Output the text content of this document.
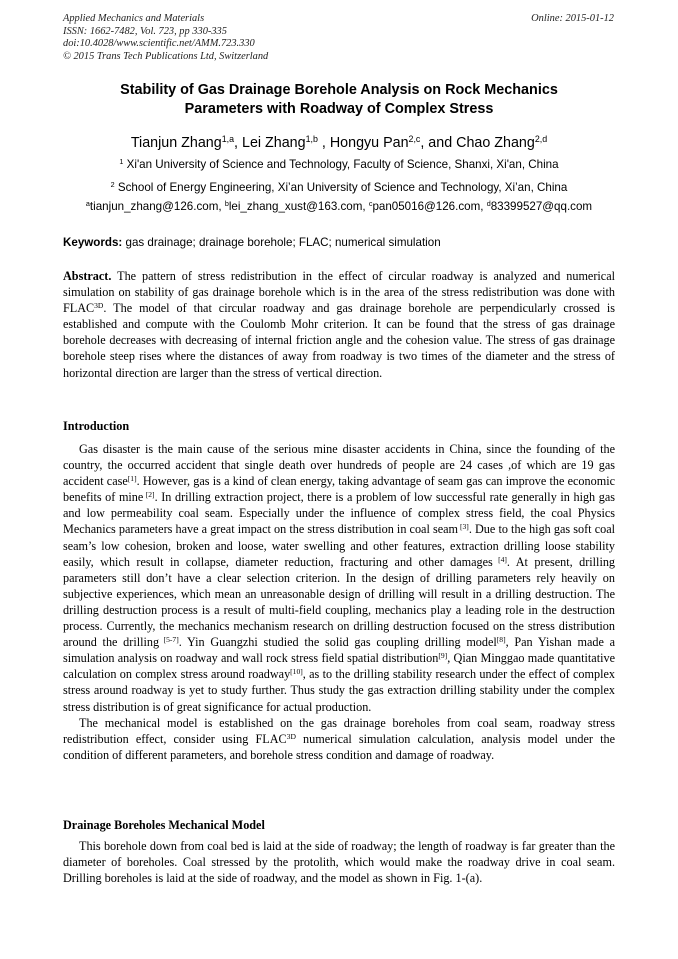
Applied Mechanics and Materials
ISSN: 1662-7482, Vol. 723, pp 330-335
doi:10.4028/www.scientific.net/AMM.723.330
© 2015 Trans Tech Publications Ltd, Switzerland
Online: 2015-01-12
Stability of Gas Drainage Borehole Analysis on Rock Mechanics
Parameters with Roadway of Complex Stress
Tianjun Zhang$^{1,a}$, Lei Zhang$^{1,b}$ , Hongyu Pan$^{2,c}$, and Chao Zhang$^{2,d}$
$^1$ Xi'an University of Science and Technology, Faculty of Science, Shanxi, Xi'an, China
$^2$ School of Energy Engineering, Xi’an University of Science and Technology, Xi’an, China
$^a$tianjun_zhang@126.com, $^b$lei_zhang_xust@163.com, $^c$pan05016@126.com, $^d$83399527@qq.com
Keywords: gas drainage; drainage borehole; FLAC; numerical simulation
Abstract. The pattern of stress redistribution in the effect of circular roadway is analyzed and numerical simulation on stability of gas drainage borehole which is in the area of the stress redistribution was done with $FLAC^{3D}$. The model of that circular roadway and gas drainage borehole are perpendicularly crossed is established and compute with the Coulomb Mohr criterion. It can be found that the stress of gas drainage borehole decreases with decreasing of internal friction angle and the cohesion value. The stress of gas drainage borehole steep rises where the distances of away from roadway is two times of the diameter and the stress of horizontal direction are larger than the stress of vertical direction.
Introduction

Gas disaster is the main cause of the serious mine disaster accidents in China, since the founding of the country, the occurred accident that single death over hundreds of people are 24 cases ,of which are 19 gas accident case[1]. However, gas is a kind of clean energy, taking advantage of seam gas can improve the economic benefits of mine [2]. In drilling extraction project, there is a problem of low successful rate generally in high gas and low permeability coal seam. Especially under the influence of complex stress field, the coal Physics Mechanics parameters have a great impact on the stress distribution in coal seam [3]. Due to the high gas soft coal seam’s low cohesion, broken and loose, water swelling and other features, extraction drilling loose stability easily, which result in collapse, diameter reduction, fracturing and other damages [4]. At present, drilling parameters still don’t have a clear selection criterion. In the design of drilling parameters rely heavily on subjective experiences, which mean an unreasonable design of drilling will result in a drilling destruction. The drilling destruction process is a result of multi-field coupling, mechanics play a leading role in the destruction process. Currently, the mechanics mechanism research on drilling destruction focused on the stress distribution around the drilling [5-7]. Yin Guangzhi studied the solid gas coupling drilling model[8], Pan Yishan made a simulation analysis on roadway and wall rock stress field spatial distribution[9], Qian Minggao made quantitative calculation on complex stress around roadway[10], as to the drilling stability research under the effect of complex stress around roadway is yet to study further. Thus study the gas extraction drilling stability under the complex stress distribution is of great significance for actual production.

The mechanical model is established on the gas drainage boreholes from coal seam, roadway stress redistribution effect, consider using $FLAC^{3D}$ numerical simulation calculation, analysis model under the condition of different parameters, and borehole stress condition and damage of roadway.

Drainage Boreholes Mechanical Model

This borehole down from coal bed is laid at the side of roadway; the length of roadway is far greater than the diameter of boreholes. Coal stressed by the protolith, which would make the roadway drive in coal seam. Drilling boreholes is laid at the side of roadway, and the model as shown in Fig. 1-(a).
